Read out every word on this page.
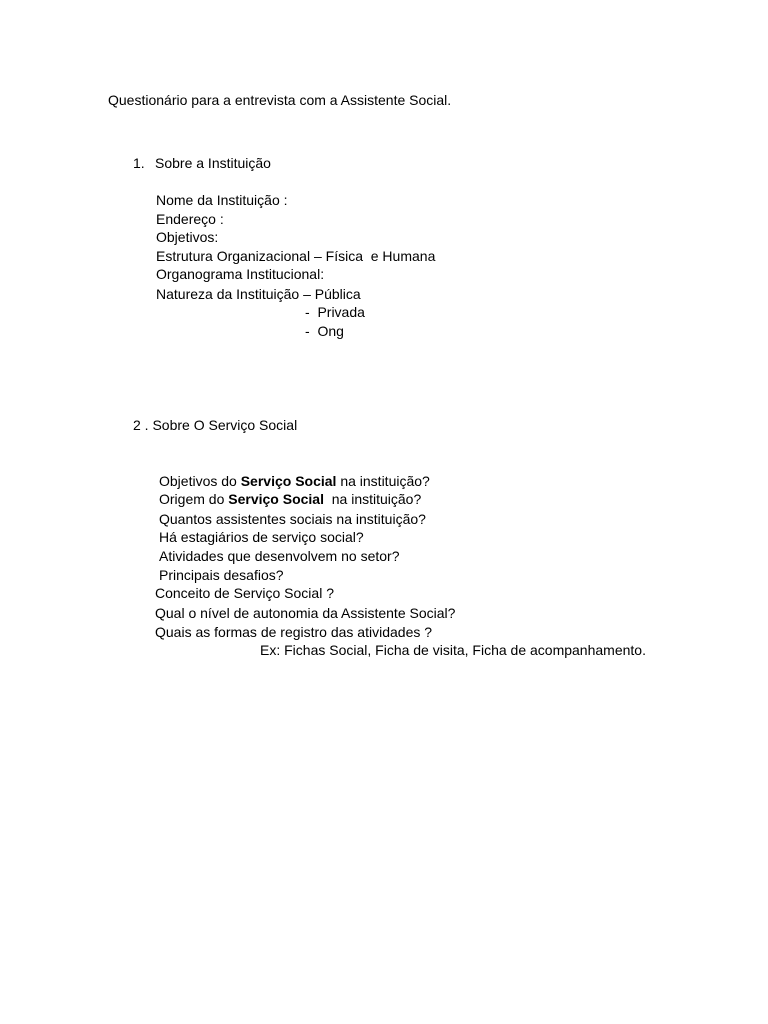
Questionário para a entrevista com a Assistente Social.
1. Sobre a Instituição
Nome da Instituição :
Endereço :
Objetivos:
Estrutura Organizacional – Física  e Humana
Organograma Institucional:
Natureza da Instituição – Pública
-  Privada
-  Ong
2 . Sobre O Serviço Social
Objetivos do Serviço Social na instituição?
Origem do Serviço Social  na instituição?
Quantos assistentes sociais na instituição?
Há estagiários de serviço social?
Atividades que desenvolvem no setor?
Principais desafios?
Conceito de Serviço Social ?
Qual o nível de autonomia da Assistente Social?
Quais as formas de registro das atividades ?
Ex: Fichas Social, Ficha de visita, Ficha de acompanhamento.
